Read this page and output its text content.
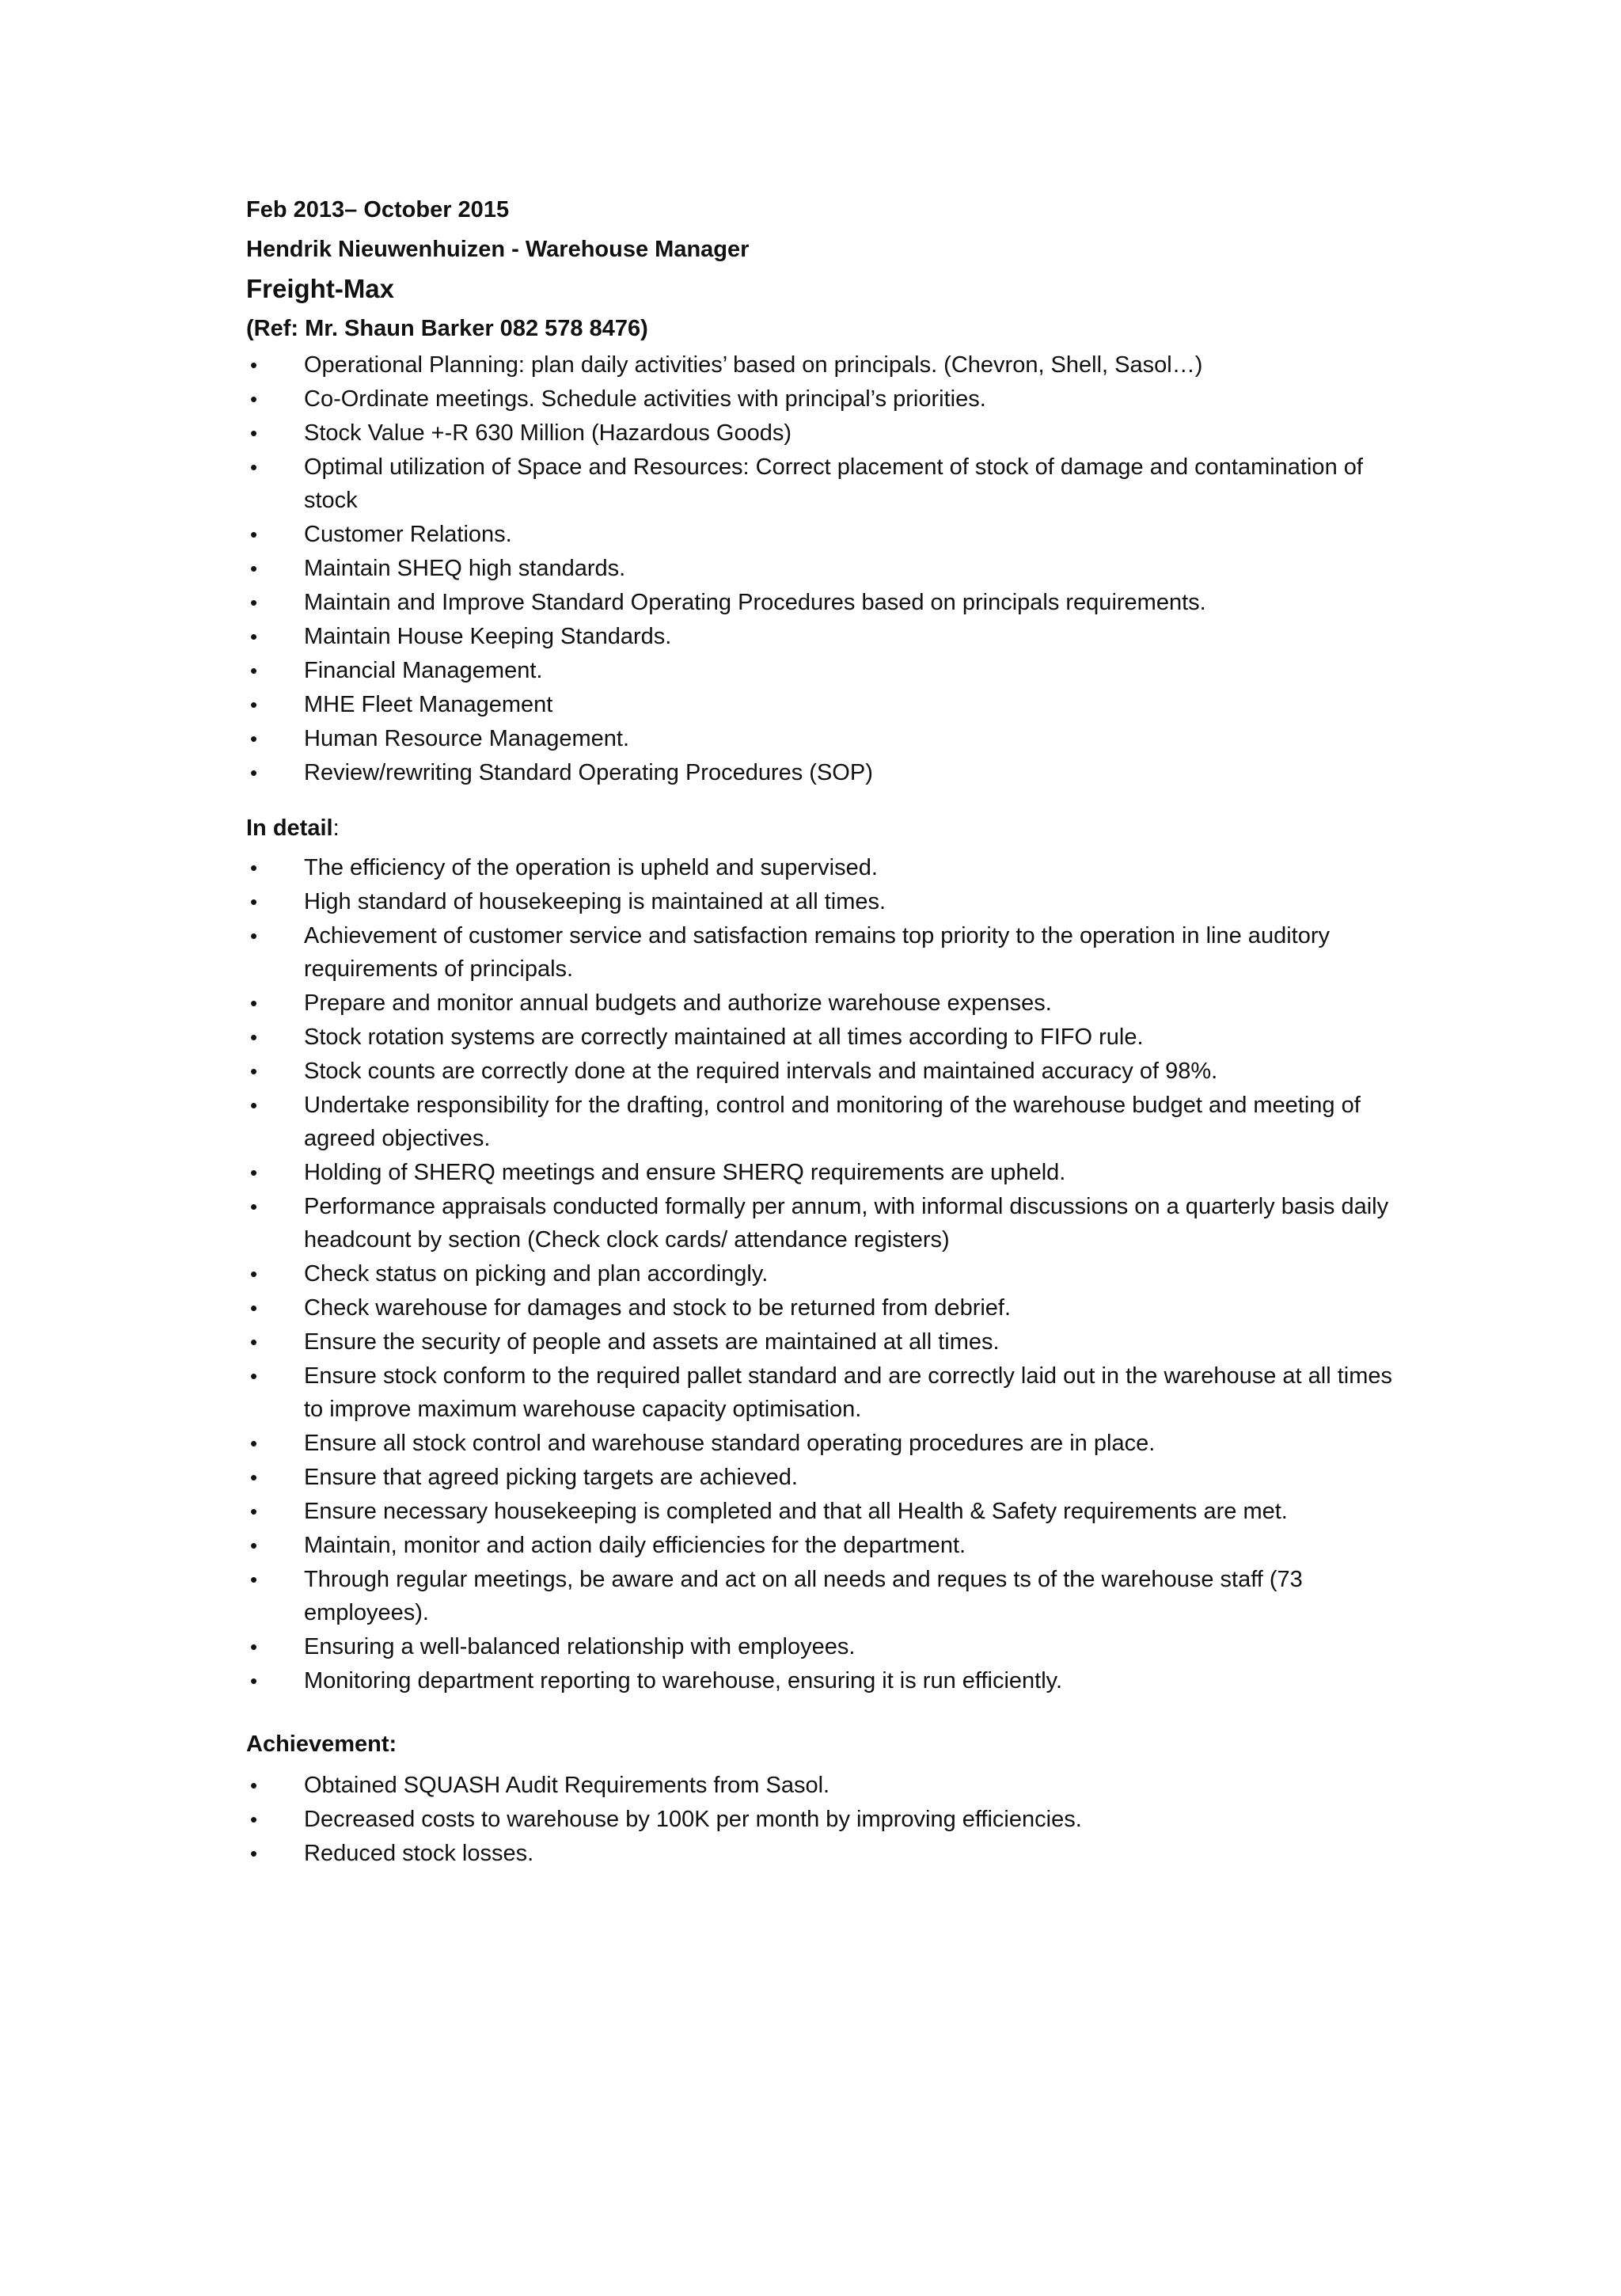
Feb 2013– October 2015

Hendrik Nieuwenhuizen - Warehouse Manager

Freight-Max

(Ref: Mr. Shaun Barker 082 578 8476)

• Operational Planning: plan daily activities’ based on principals. (Chevron, Shell, Sasol…)
• Co-Ordinate meetings. Schedule activities with principal’s priorities.
• Stock Value +-R 630 Million (Hazardous Goods)
• Optimal utilization of Space and Resources: Correct placement of stock of damage and contamination of stock
• Customer Relations.
• Maintain SHEQ high standards.
• Maintain and Improve Standard Operating Procedures based on principals requirements.
• Maintain House Keeping Standards.
• Financial Management.
• MHE Fleet Management
• Human Resource Management.
• Review/rewriting Standard Operating Procedures (SOP)
In detail:
• The efficiency of the operation is upheld and supervised.
• High standard of housekeeping is maintained at all times.
• Achievement of customer service and satisfaction remains top priority to the operation in line auditory requirements of principals.
• Prepare and monitor annual budgets and authorize warehouse expenses.
• Stock rotation systems are correctly maintained at all times according to FIFO rule.
• Stock counts are correctly done at the required intervals and maintained accuracy of 98%.
• Undertake responsibility for the drafting, control and monitoring of the warehouse budget and meeting of agreed objectives.
• Holding of SHERQ meetings and ensure SHERQ requirements are upheld.
• Performance appraisals conducted formally per annum, with informal discussions on a quarterly basis daily headcount by section (Check clock cards/ attendance registers)
• Check status on picking and plan accordingly.
• Check warehouse for damages and stock to be returned from debrief.
• Ensure the security of people and assets are maintained at all times.
• Ensure stock conform to the required pallet standard and are correctly laid out in the warehouse at all times to improve maximum warehouse capacity optimisation.
• Ensure all stock control and warehouse standard operating procedures are in place.
• Ensure that agreed picking targets are achieved.
• Ensure necessary housekeeping is completed and that all Health & Safety requirements are met.
• Maintain, monitor and action daily efficiencies for the department.
• Through regular meetings, be aware and act on all needs and reques ts of the warehouse staff (73 employees).
• Ensuring a well-balanced relationship with employees.
• Monitoring department reporting to warehouse, ensuring it is run efficiently.
Achievement:
• Obtained SQUASH Audit Requirements from Sasol.
• Decreased costs to warehouse by 100K per month by improving efficiencies.
• Reduced stock losses.
